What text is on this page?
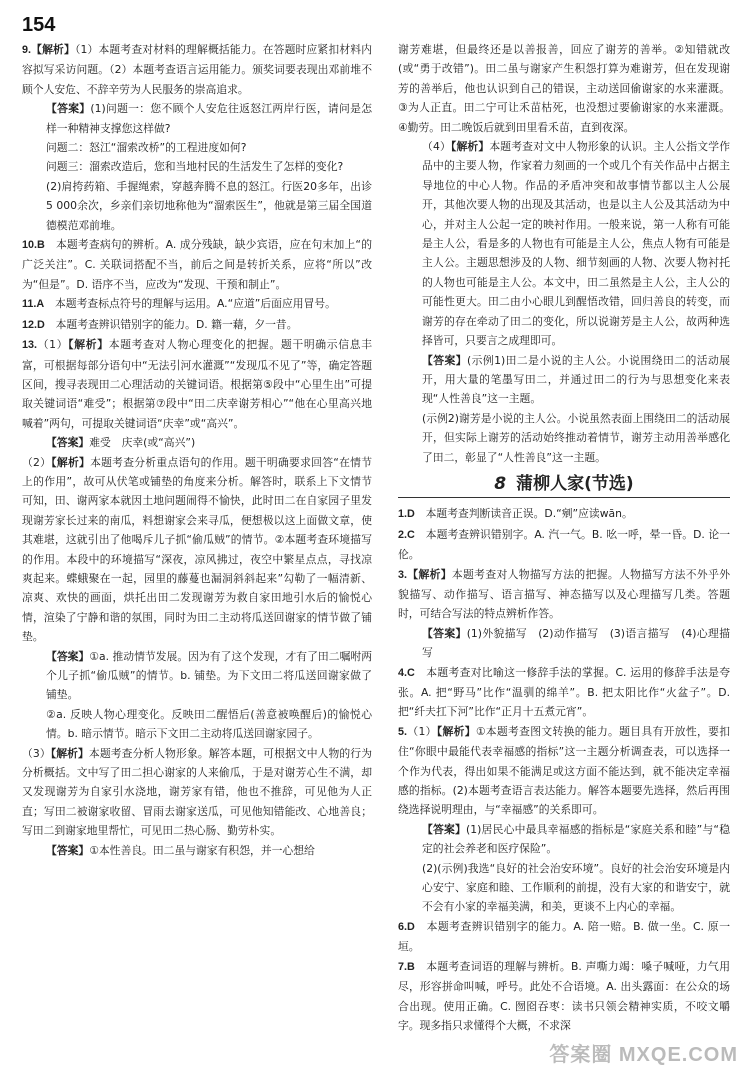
154

9.【解析】（1）本题考查对材料的理解概括能力。在答题时应紧扣材料内容拟写采访问题。（2）本题考查语言运用能力。颁奖词要表现出邓前堆不顾个人安危、不辞辛劳为人民服务的崇高追求。

【答案】(1)问题一：您不顾个人安危往返怒江两岸行医，请问是怎样一种精神支撑您这样做?

问题二：怒江“溜索改桥”的工程进度如何?

问题三：溜索改造后，您和当地村民的生活发生了怎样的变化?

(2)肩挎药箱、手握绳索，穿越奔腾不息的怒江。行医20多年，出诊5 000余次，乡亲们亲切地称他为“溜索医生”，他就是第三届全国道德模范邓前堆。

10.B　本题考查病句的辨析。A. 成分残缺，缺少宾语，应在句末加上“的广泛关注”。C. 关联词搭配不当，前后之间是转折关系，应将“所以”改为“但是”。D. 语序不当，应改为“发现、干预和制止”。

11.A　本题考查标点符号的理解与运用。A.“应道”后面应用冒号。

12.D　本题考查辨识错别字的能力。D. 籍一藉，夕一昔。

13.（1）【解析】本题考查对人物心理变化的把握。题干明确示信息丰富，可根据每部分语句中“无法引河水灌溉”“发现瓜不见了”等，确定答题区间，搜寻表现田二心理活动的关键词语。根据第⑤段中“心里生出”可提取关键词语“难受”；根据第⑦段中“田二庆幸谢芳相心”“他在心里高兴地喊着”两句，可提取关键词语“庆幸”或“高兴”。

【答案】难受　庆幸(或“高兴”)

（2）【解析】本题考查分析重点语句的作用。题干明确要求回答“在情节上的作用”，故可从伏笔或铺垫的角度来分析。解答时，联系上下文情节可知，田、谢两家本就因土地问题闹得不愉快，此时田二在自家园子里发现谢芳家长过来的南瓜，料想谢家会来寻瓜，便想极以这上面做文章，使其难堪，这就引出了他喝斥儿子抓“偷瓜贼”的情节。②本题考查环境描写的作用。本段中的环境描写“深夜，凉风拂过，夜空中繁星点点，寻找凉爽起来。蝶蛾聚在一起，园里的藤蔓也漏洞斜斜起来”勾勒了一幅清新、凉爽、欢快的画面，烘托出田二发现谢芳为救自家田地引水后的愉悦心情，渲染了宁静和谐的氛围，同时为田二主动将瓜送回谢家的情节做了铺垫。

【答案】①a. 推动情节发展。因为有了这个发现，才有了田二嘱咐两个儿子抓“偷瓜贼”的情节。b. 铺垫。为下文田二将瓜送回谢家做了铺垫。

②a. 反映人物心理变化。反映田二醒悟后(善意被唤醒后)的愉悦心情。b. 暗示情节。暗示下文田二主动将瓜送回谢家园子。

（3）【解析】本题考查分析人物形象。解答本题，可根据文中人物的行为分析概括。文中写了田二担心谢家的人来偷瓜，于是对谢芳心生不满，却又发现谢芳为自家引水浇地，谢芳家有错，他也不推辞，可见他为人正直；写田二被谢家收留、冒雨去谢家送瓜，可见他知错能改、心地善良；写田二到谢家地里帮忙，可见田二热心肠、勤劳朴实。

【答案】①本性善良。田二虽与谢家有积怨，并一心想给

谢芳难堪，但最终还是以善报善，回应了谢芳的善举。②知错就改(或“勇于改错”)。田二虽与谢家产生积怨打算为难谢芳，但在发现谢芳的善举后，他也认识到自己的错误，主动送回偷谢家的水来灌溉。③为人正直。田二宁可让禾苗枯死，也没想过要偷谢家的水来灌溉。④勤劳。田二晚饭后就到田里看禾苗，直到夜深。

（4）【解析】本题考查对文中人物形象的认识。主人公指文学作品中的主要人物，作家着力刻画的一个或几个有关作品中占据主导地位的中心人物。作品的矛盾冲突和故事情节都以主人公展开，其他次要人物的出现及其活动，也是以主人公及其活动为中心，并对主人公起一定的映衬作用。一般来说，第一人称有可能是主人公，看是多的人物也有可能是主人公，焦点人物有可能是主人公。主题思想涉及的人物、细节刻画的人物、次要人物衬托的人物也可能是主人公。本文中，田二虽然是主人公，主人公的可能性更大。田二由小心眼儿到醒悟改错，回归善良的转变，而谢芳的存在牵动了田二的变化，所以说谢芳是主人公，故两种选择皆可，只要言之成理即可。

【答案】(示例1)田二是小说的主人公。小说围绕田二的活动展开，用大量的笔墨写田二，并通过田二的行为与思想变化来表现“人性善良”这一主题。

(示例2)谢芳是小说的主人公。小说虽然表面上围绕田二的活动展开，但实际上谢芳的活动始终推动着情节，谢芳主动用善举感化了田二，彰显了“人性善良”这一主题。

8 蒲柳人家(节选)

1.D　本题考查判断读音正误。D.“剜”应读wān。

2.C　本题考查辨识错别字。A. 汽一气。B. 吆一呼，晕一昏。D. 论一伦。

3.【解析】本题考查对人物描写方法的把握。人物描写方法不外乎外貌描写、动作描写、语言描写、神态描写以及心理描写几类。答题时，可结合写法的特点辨析作答。

【答案】(1)外貌描写　(2)动作描写　(3)语言描写　(4)心理描写

4.C　本题考查对比喻这一修辞手法的掌握。C. 运用的修辞手法是夸张。A. 把“野马”比作“温驯的绵羊”。B. 把太阳比作“火盆子”。D. 把“纤夫扛下河”比作“正月十五煮元宵”。

5.（1）【解析】①本题考查图文转换的能力。题目具有开放性，要扣住“你眼中最能代表幸福感的指标”这一主题分析调查表，可以选择一个作为代表，得出如果不能满足或这方面不能达到，就不能决定幸福感的指标。(2)本题考查语言表达能力。解答本题要先选择，然后再围绕选择说明理由，与“幸福感”的关系即可。

【答案】(1)居民心中最具幸福感的指标是“家庭关系和睦”与“稳定的社会养老和医疗保险”。

(2)(示例)我选“良好的社会治安环境”。良好的社会治安环境是内心安宁、家庭和睦、工作顺利的前提，没有大家的和谐安宁，就不会有小家的幸福美满，和美，更谈不上内心的幸福。

6.D　本题考查辨识错别字的能力。A. 陪一赔。B. 做一坐。C. 原一垣。

7.B　本题考查词语的理解与辨析。B. 声嘶力竭：嗓子喊哑，力气用尽，形容拼命叫喊，呼号。此处不合语境。A. 出头露面：在公众的场合出现。使用正确。C. 囫囵吞枣：读书只领会精神实质，不咬文嚼字。现多指只求懂得个大概，不求深

答案圈 MXQE.COM
